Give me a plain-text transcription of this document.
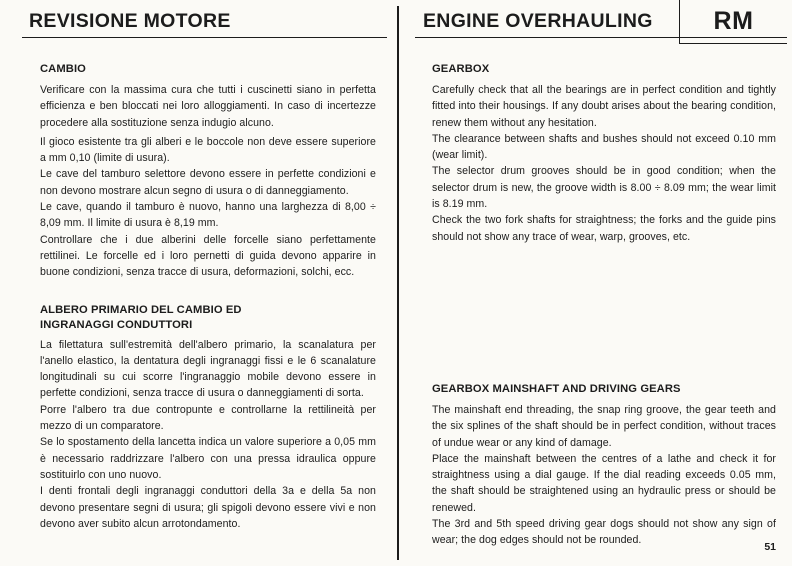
REVISIONE MOTORE	ENGINE OVERHAULING RM
CAMBIO

Verificare con la massima cura che tutti i cuscinetti siano in perfetta efficienza e ben bloccati nei loro alloggiamenti. In caso di incertezze procedere alla sostituzione senza indugio alcuno.

Il gioco esistente tra gli alberi e le boccole non deve essere superiore a mm 0,10 (limite di usura).

Le cave del tamburo selettore devono essere in perfette condizioni e non devono mostrare alcun segno di usura o di danneggiamento.

Le cave, quando il tamburo è nuovo, hanno una larghezza di 8,00 ÷ 8,09 mm. Il limite di usura è 8,19 mm.

Controllare che i due alberini delle forcelle siano perfettamente rettilinei. Le forcelle ed i loro pernetti di guida devono apparire in buone condizioni, senza tracce di usura, deformazioni, solchi, ecc.

ALBERO PRIMARIO DEL CAMBIO ED
INGRANAGGI CONDUTTORI

La filettatura sull'estremità dell'albero primario, la scanalatura per l'anello elastico, la dentatura degli ingranaggi fissi e le 6 scanalature longitudinali su cui scorre l'ingranaggio mobile devono essere in perfette condizioni, senza tracce di usura o danneggiamenti di sorta.

Porre l'albero tra due contropunte e controllarne la rettilineità per mezzo di un comparatore.

Se lo spostamento della lancetta indica un valore superiore a 0,05 mm è necessario raddrizzare l'albero con una pressa idraulica oppure sostituirlo con uno nuovo.

I denti frontali degli ingranaggi conduttori della 3a e della 5a non devono presentare segni di usura; gli spigoli devono essere vivi e non devono aver subito alcun arrotondamento.

GEARBOX

Carefully check that all the bearings are in perfect condition and tightly fitted into their housings. If any doubt arises about the bearing condition, renew them without any hesitation.

The clearance between shafts and bushes should not exceed 0.10 mm (wear limit).

The selector drum grooves should be in good condition; when the selector drum is new, the groove width is 8.00 ÷ 8.09 mm; the wear limit is 8.19 mm.

Check the two fork shafts for straightness; the forks and the guide pins should not show any trace of wear, warp, grooves, etc.

GEARBOX MAINSHAFT AND DRIVING GEARS

The mainshaft end threading, the snap ring groove, the gear teeth and the six splines of the shaft should be in perfect condition, without traces of undue wear or any kind of damage.

Place the mainshaft between the centres of a lathe and check it for straightness using a dial gauge. If the dial reading exceeds 0.05 mm, the shaft should be straightened using an hydraulic press or should be renewed.

The 3rd and 5th speed driving gear dogs should not show any sign of wear; the dog edges should not be rounded.

51
